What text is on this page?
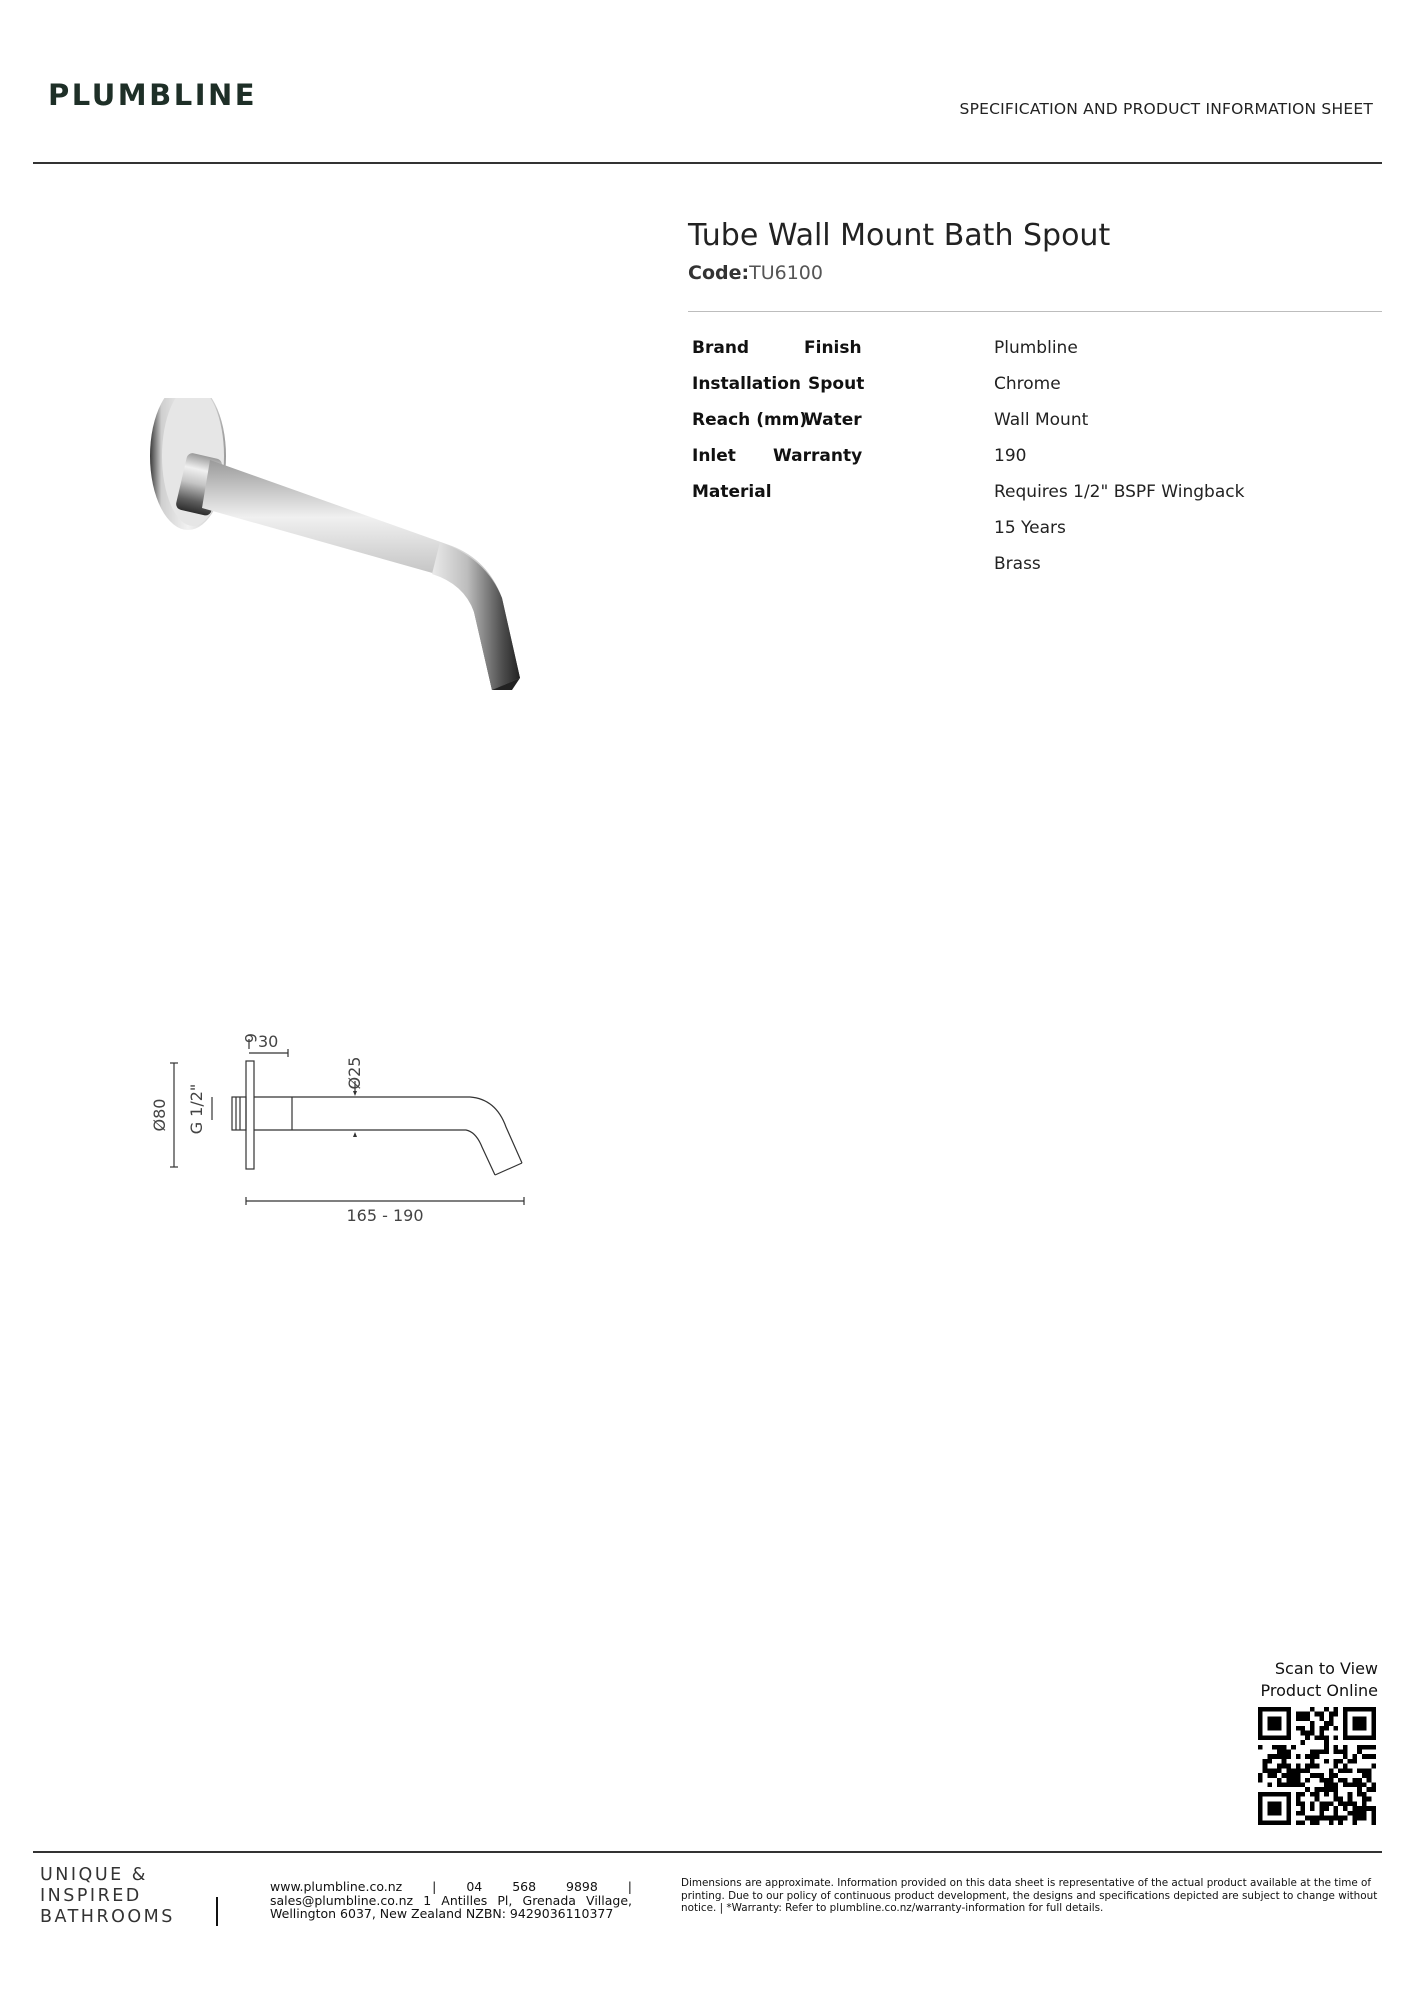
PLUMBLINE	SPECIFICATION AND PRODUCT INFORMATION SHEET
Tube Wall Mount Bath Spout
Code:TU6100
Brand	Finish
Installation Spout
Reach (mm)
Water
Inlet Warranty
Material
Plumbline
Chrome
Wall Mount
190
Requires 1/2" BSPF Wingback
15 Years
Brass
6
30
Ø25
Ø80 G 1/2"
165 - 190
Scan to View
Product Online
UNIQUE &
INSPIRED
BATHROOMS
www.plumbline.co.nz | 04 568 9898 | sales@plumbline.co.nz 1 Antilles Pl, Grenada Village, Wellington 6037, New Zealand NZBN: 9429036110377
Dimensions are approximate. Information provided on this data sheet is representative of the actual product available at the time of printing. Due to our policy of continuous product development, the designs and specifications depicted are subject to change without notice. | *Warranty: Refer to plumbline.co.nz/warranty-information for full details.
